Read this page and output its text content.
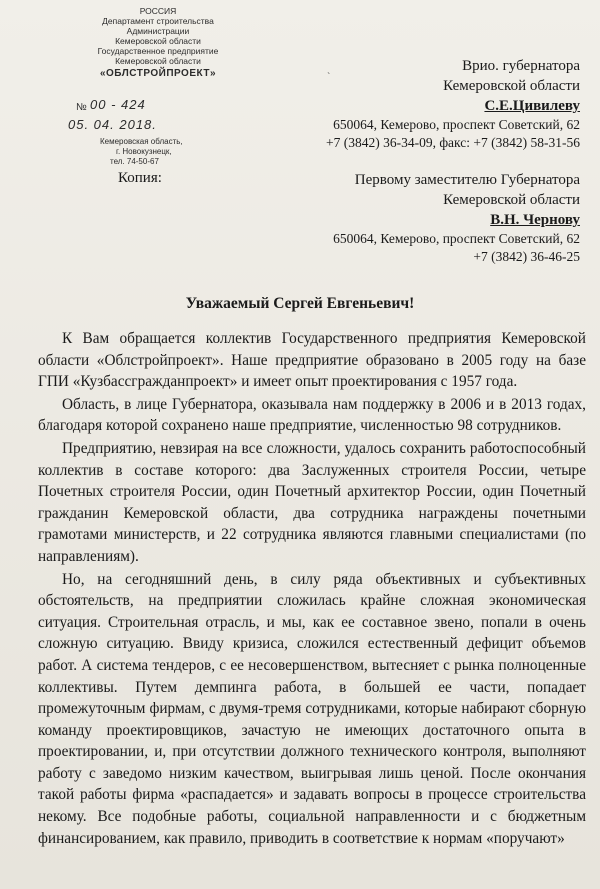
РОССИЯ
Департамент строительства
Администрации
Кемеровской области
Государственное предприятие
Кемеровской области
«ОБЛСТРОЙПРОЕКТ»
№ 00 - 424
05. 04. 2018.
Кемеровская область,
г. Новокузнецк,
тел. 74-50-67
`
Врио. губернатора
Кемеровской области
С.Е.Цивилеву
650064, Кемерово, проспект Советский, 62
+7 (3842) 36-34-09, факс: +7 (3842) 58-31-56
Копия:	Первому заместителю Губернатора
Кемеровской области
В.Н. Чернову
650064, Кемерово, проспект Советский, 62
+7 (3842) 36-46-25
Уважаемый Сергей Евгеньевич!

К Вам обращается коллектив Государственного предприятия Кемеровской области «Облстройпроект». Наше предприятие образовано в 2005 году на базе ГПИ «Кузбассгражданпроект» и имеет опыт проектирования с 1957 года.

Область, в лице Губернатора, оказывала нам поддержку в 2006 и в 2013 годах, благодаря которой сохранено наше предприятие, численностью 98 сотрудников.

Предприятию, невзирая на все сложности, удалось сохранить работоспособный коллектив в составе которого: два Заслуженных строителя России, четыре Почетных строителя России, один Почетный архитектор России, один Почетный гражданин Кемеровской области, два сотрудника награждены почетными грамотами министерств, и 22 сотрудника являются главными специалистами (по направлениям).

Но, на сегодняшний день, в силу ряда объективных и субъективных обстоятельств, на предприятии сложилась крайне сложная экономическая ситуация. Строительная отрасль, и мы, как ее составное звено, попали в очень сложную ситуацию. Ввиду кризиса, сложился естественный дефицит объемов работ. А система тендеров, с ее несовершенством, вытесняет с рынка полноценные коллективы. Путем демпинга работа, в большей ее части, попадает промежуточным фирмам, с двумя-тремя сотрудниками, которые набирают сборную команду проектировщиков, зачастую не имеющих достаточного опыта в проектировании, и, при отсутствии должного технического контроля, выполняют работу с заведомо низким качеством, выигрывая лишь ценой. После окончания такой работы фирма «распадается» и задавать вопросы в процессе строительства некому. Все подобные работы, социальной направленности и с бюджетным финансированием, как правило, приводить в соответствие к нормам «поручают»
